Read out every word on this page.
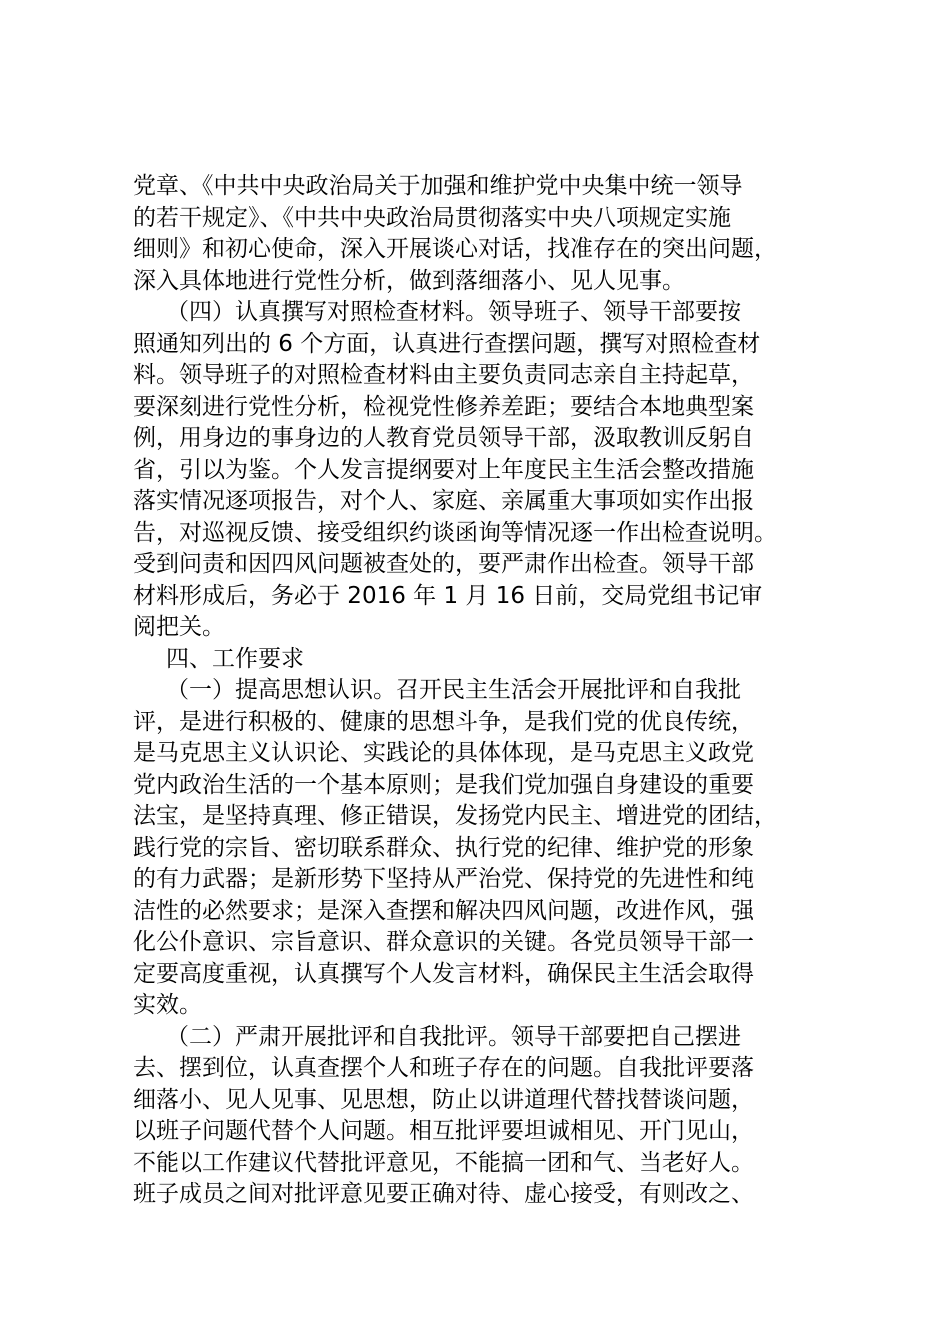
党章、《中共中央政治局关于加强和维护党中央集中统一领导
的若干规定》、《中共中央政治局贯彻落实中央八项规定实施
细则》和初心使命，深入开展谈心对话，找准存在的突出问题，
深入具体地进行党性分析，做到落细落小、见人见事。
（四）认真撰写对照检查材料。领导班子、领导干部要按
照通知列出的 6 个方面，认真进行查摆问题，撰写对照检查材
料。领导班子的对照检查材料由主要负责同志亲自主持起草，
要深刻进行党性分析，检视党性修养差距；要结合本地典型案
例，用身边的事身边的人教育党员领导干部，汲取教训反躬自
省，引以为鉴。个人发言提纲要对上年度民主生活会整改措施
落实情况逐项报告，对个人、家庭、亲属重大事项如实作出报
告，对巡视反馈、接受组织约谈函询等情况逐一作出检查说明。
受到问责和因四风问题被查处的，要严肃作出检查。领导干部
材料形成后，务必于 2016 年 1 月 16 日前，交局党组书记审
阅把关。
四、工作要求
（一）提高思想认识。召开民主生活会开展批评和自我批
评，是进行积极的、健康的思想斗争，是我们党的优良传统，
是马克思主义认识论、实践论的具体体现，是马克思主义政党
党内政治生活的一个基本原则；是我们党加强自身建设的重要
法宝，是坚持真理、修正错误，发扬党内民主、增进党的团结，
践行党的宗旨、密切联系群众、执行党的纪律、维护党的形象
的有力武器；是新形势下坚持从严治党、保持党的先进性和纯
洁性的必然要求；是深入查摆和解决四风问题，改进作风，强
化公仆意识、宗旨意识、群众意识的关键。各党员领导干部一
定要高度重视，认真撰写个人发言材料，确保民主生活会取得
实效。
（二）严肃开展批评和自我批评。领导干部要把自己摆进
去、摆到位，认真查摆个人和班子存在的问题。自我批评要落
细落小、见人见事、见思想，防止以讲道理代替找替谈问题，
以班子问题代替个人问题。相互批评要坦诚相见、开门见山，
不能以工作建议代替批评意见，不能搞一团和气、当老好人。
班子成员之间对批评意见要正确对待、虚心接受，有则改之、
